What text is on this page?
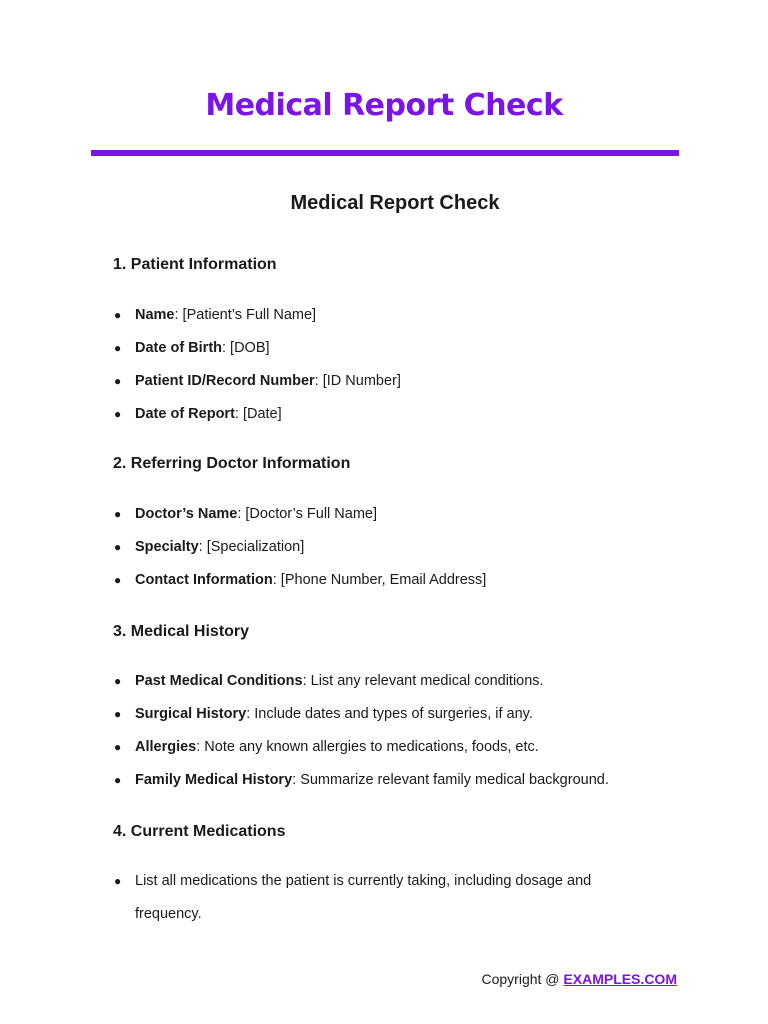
Medical Report Check
Medical Report Check
1. Patient Information
● Name: [Patient’s Full Name]
● Date of Birth: [DOB]
● Patient ID/Record Number: [ID Number]
● Date of Report: [Date]
2. Referring Doctor Information
● Doctor’s Name: [Doctor’s Full Name]
● Specialty: [Specialization]
● Contact Information: [Phone Number, Email Address]
3. Medical History
● Past Medical Conditions: List any relevant medical conditions.
● Surgical History: Include dates and types of surgeries, if any.
● Allergies: Note any known allergies to medications, foods, etc.
● Family Medical History: Summarize relevant family medical background.
4. Current Medications
● List all medications the patient is currently taking, including dosage and frequency.
Copyright @ EXAMPLES.COM
